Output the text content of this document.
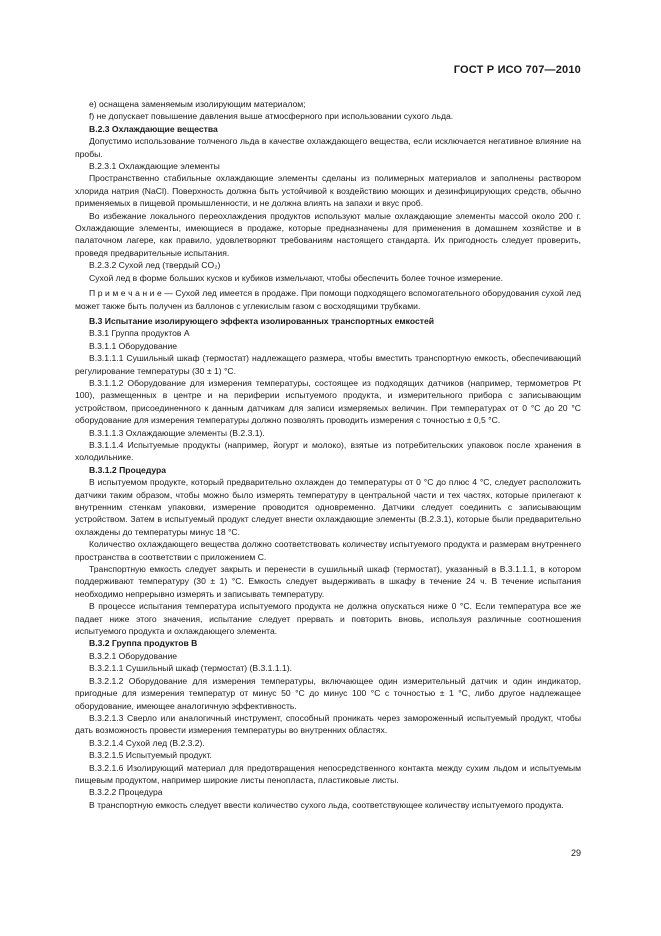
ГОСТ Р ИСО 707—2010

е) оснащена заменяемым изолирующим материалом;

f) не допускает повышение давления выше атмосферного при использовании сухого льда.

В.2.3 Охлаждающие вещества

Допустимо использование толченого льда в качестве охлаждающего вещества, если исключается негативное влияние на пробы.

В.2.3.1 Охлаждающие элементы

Пространственно стабильные охлаждающие элементы сделаны из полимерных материалов и заполнены раствором хлорида натрия (NaCl). Поверхность должна быть устойчивой к воздействию моющих и дезинфицирующих средств, обычно применяемых в пищевой промышленности, и не должна влиять на запахи и вкус проб.

Во избежание локального переохлаждения продуктов используют малые охлаждающие элементы массой около 200 г. Охлаждающие элементы, имеющиеся в продаже, которые предназначены для применения в домашнем хозяйстве и в палаточном лагере, как правило, удовлетворяют требованиям настоящего стандарта. Их пригодность следует проверить, проведя предварительные испытания.

В.2.3.2 Сухой лед (твердый CO₂)

Сухой лед в форме больших кусков и кубиков измельчают, чтобы обеспечить более точное измерение.

П р и м е ч а н и е — Сухой лед имеется в продаже. При помощи подходящего вспомогательного оборудования сухой лед может также быть получен из баллонов с углекислым газом с восходящими трубками.

В.3 Испытание изолирующего эффекта изолированных транспортных емкостей

В.3.1 Группа продуктов А

В.3.1.1 Оборудование

В.3.1.1.1 Сушильный шкаф (термостат) надлежащего размера, чтобы вместить транспортную емкость, обеспечивающий регулирование температуры (30 ± 1) °С.

В.3.1.1.2 Оборудование для измерения температуры, состоящее из подходящих датчиков (например, термометров Pt 100), размещенных в центре и на периферии испытуемого продукта, и измерительного прибора с записывающим устройством, присоединенного к данным датчикам для записи измеряемых величин. При температурах от 0 °С до 20 °С оборудование для измерения температуры должно позволять проводить измерения с точностью ± 0,5 °С.

В.3.1.1.3 Охлаждающие элементы (В.2.3.1).

В.3.1.1.4 Испытуемые продукты (например, йогурт и молоко), взятые из потребительских упаковок после хранения в холодильнике.

В.3.1.2 Процедура

В испытуемом продукте, который предварительно охлажден до температуры от 0 °С до плюс 4 °С, следует расположить датчики таким образом, чтобы можно было измерять температуру в центральной части и тех частях, которые прилегают к внутренним стенкам упаковки, измерение проводится одновременно. Датчики следует соединить с записывающим устройством. Затем в испытуемый продукт следует внести охлаждающие элементы (В.2.3.1), которые были предварительно охлаждены до температуры минус 18 °С.

Количество охлаждающего вещества должно соответствовать количеству испытуемого продукта и размерам внутреннего пространства в соответствии с приложением С.

Транспортную емкость следует закрыть и перенести в сушильный шкаф (термостат), указанный в В.3.1.1.1, в котором поддерживают температуру (30 ± 1) °С. Емкость следует выдерживать в шкафу в течение 24 ч. В течение испытания необходимо непрерывно измерять и записывать температуру.

В процессе испытания температура испытуемого продукта не должна опускаться ниже 0 °С. Если температура все же падает ниже этого значения, испытание следует прервать и повторить вновь, используя различные соотношения испытуемого продукта и охлаждающего элемента.

В.3.2 Группа продуктов В

В.3.2.1 Оборудование

В.3.2.1.1 Сушильный шкаф (термостат) (В.3.1.1.1).

В.3.2.1.2 Оборудование для измерения температуры, включающее один измерительный датчик и один индикатор, пригодные для измерения температур от минус 50 °С до минус 100 °С с точностью ± 1 °С, либо другое надлежащее оборудование, имеющее аналогичную эффективность.

В.3.2.1.3 Сверло или аналогичный инструмент, способный проникать через замороженный испытуемый продукт, чтобы дать возможность провести измерения температуры во внутренних областях.

В.3.2.1.4 Сухой лед (В.2.3.2).

В.3.2.1.5 Испытуемый продукт.

В.3.2.1.6 Изолирующий материал для предотвращения непосредственного контакта между сухим льдом и испытуемым пищевым продуктом, например широкие листы пенопласта, пластиковые листы.

В.3.2.2 Процедура

В транспортную емкость следует ввести количество сухого льда, соответствующее количеству испытуемого продукта.

29
